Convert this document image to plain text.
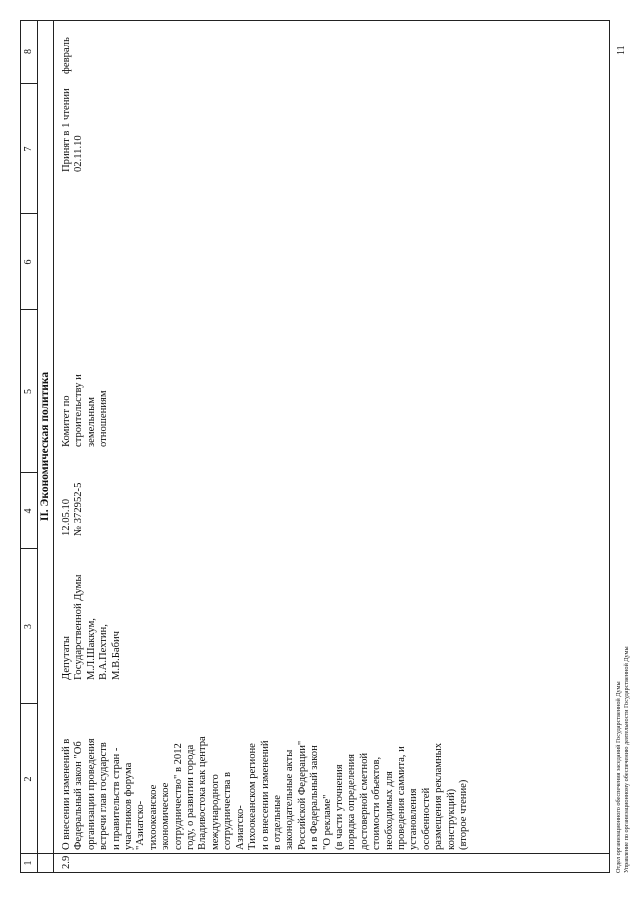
1
2
3
4
5
6
7
8
II. Экономическая политика
2.9
О внесении изменений в
Федеральный закон "Об
организации проведения
встречи глав государств
и правительств стран -
участников форума
"Азиатско-
тихоокеанское
экономическое
сотрудничество" в 2012
году, о развитии города
Владивостока как центра
международного
сотрудничества в
Азиатско-
Тихоокеанском регионе
и о внесении изменений
в отдельные
законодательные акты
Российской Федерации"
и в Федеральный закон
"О рекламе"
(в части уточнения
порядка определения
достоверной сметной
стоимости объектов,
необходимых для
проведения саммита, и
установления
особенностей
размещения рекламных
конструкций)
(второе чтение)
Депутаты
Государственной Думы
М.Л.Шаккум,
В.А.Пехтин,
М.В.Бабич
12.05.10
№ 372952-5
Комитет по
строительству и
земельным
отношениям
Принят в 1 чтении
02.11.10
февраль
Отдел организационного обеспечения заседаний Государственной Думы Управление по организационному обеспечению деятельности Государственной Думы
11
